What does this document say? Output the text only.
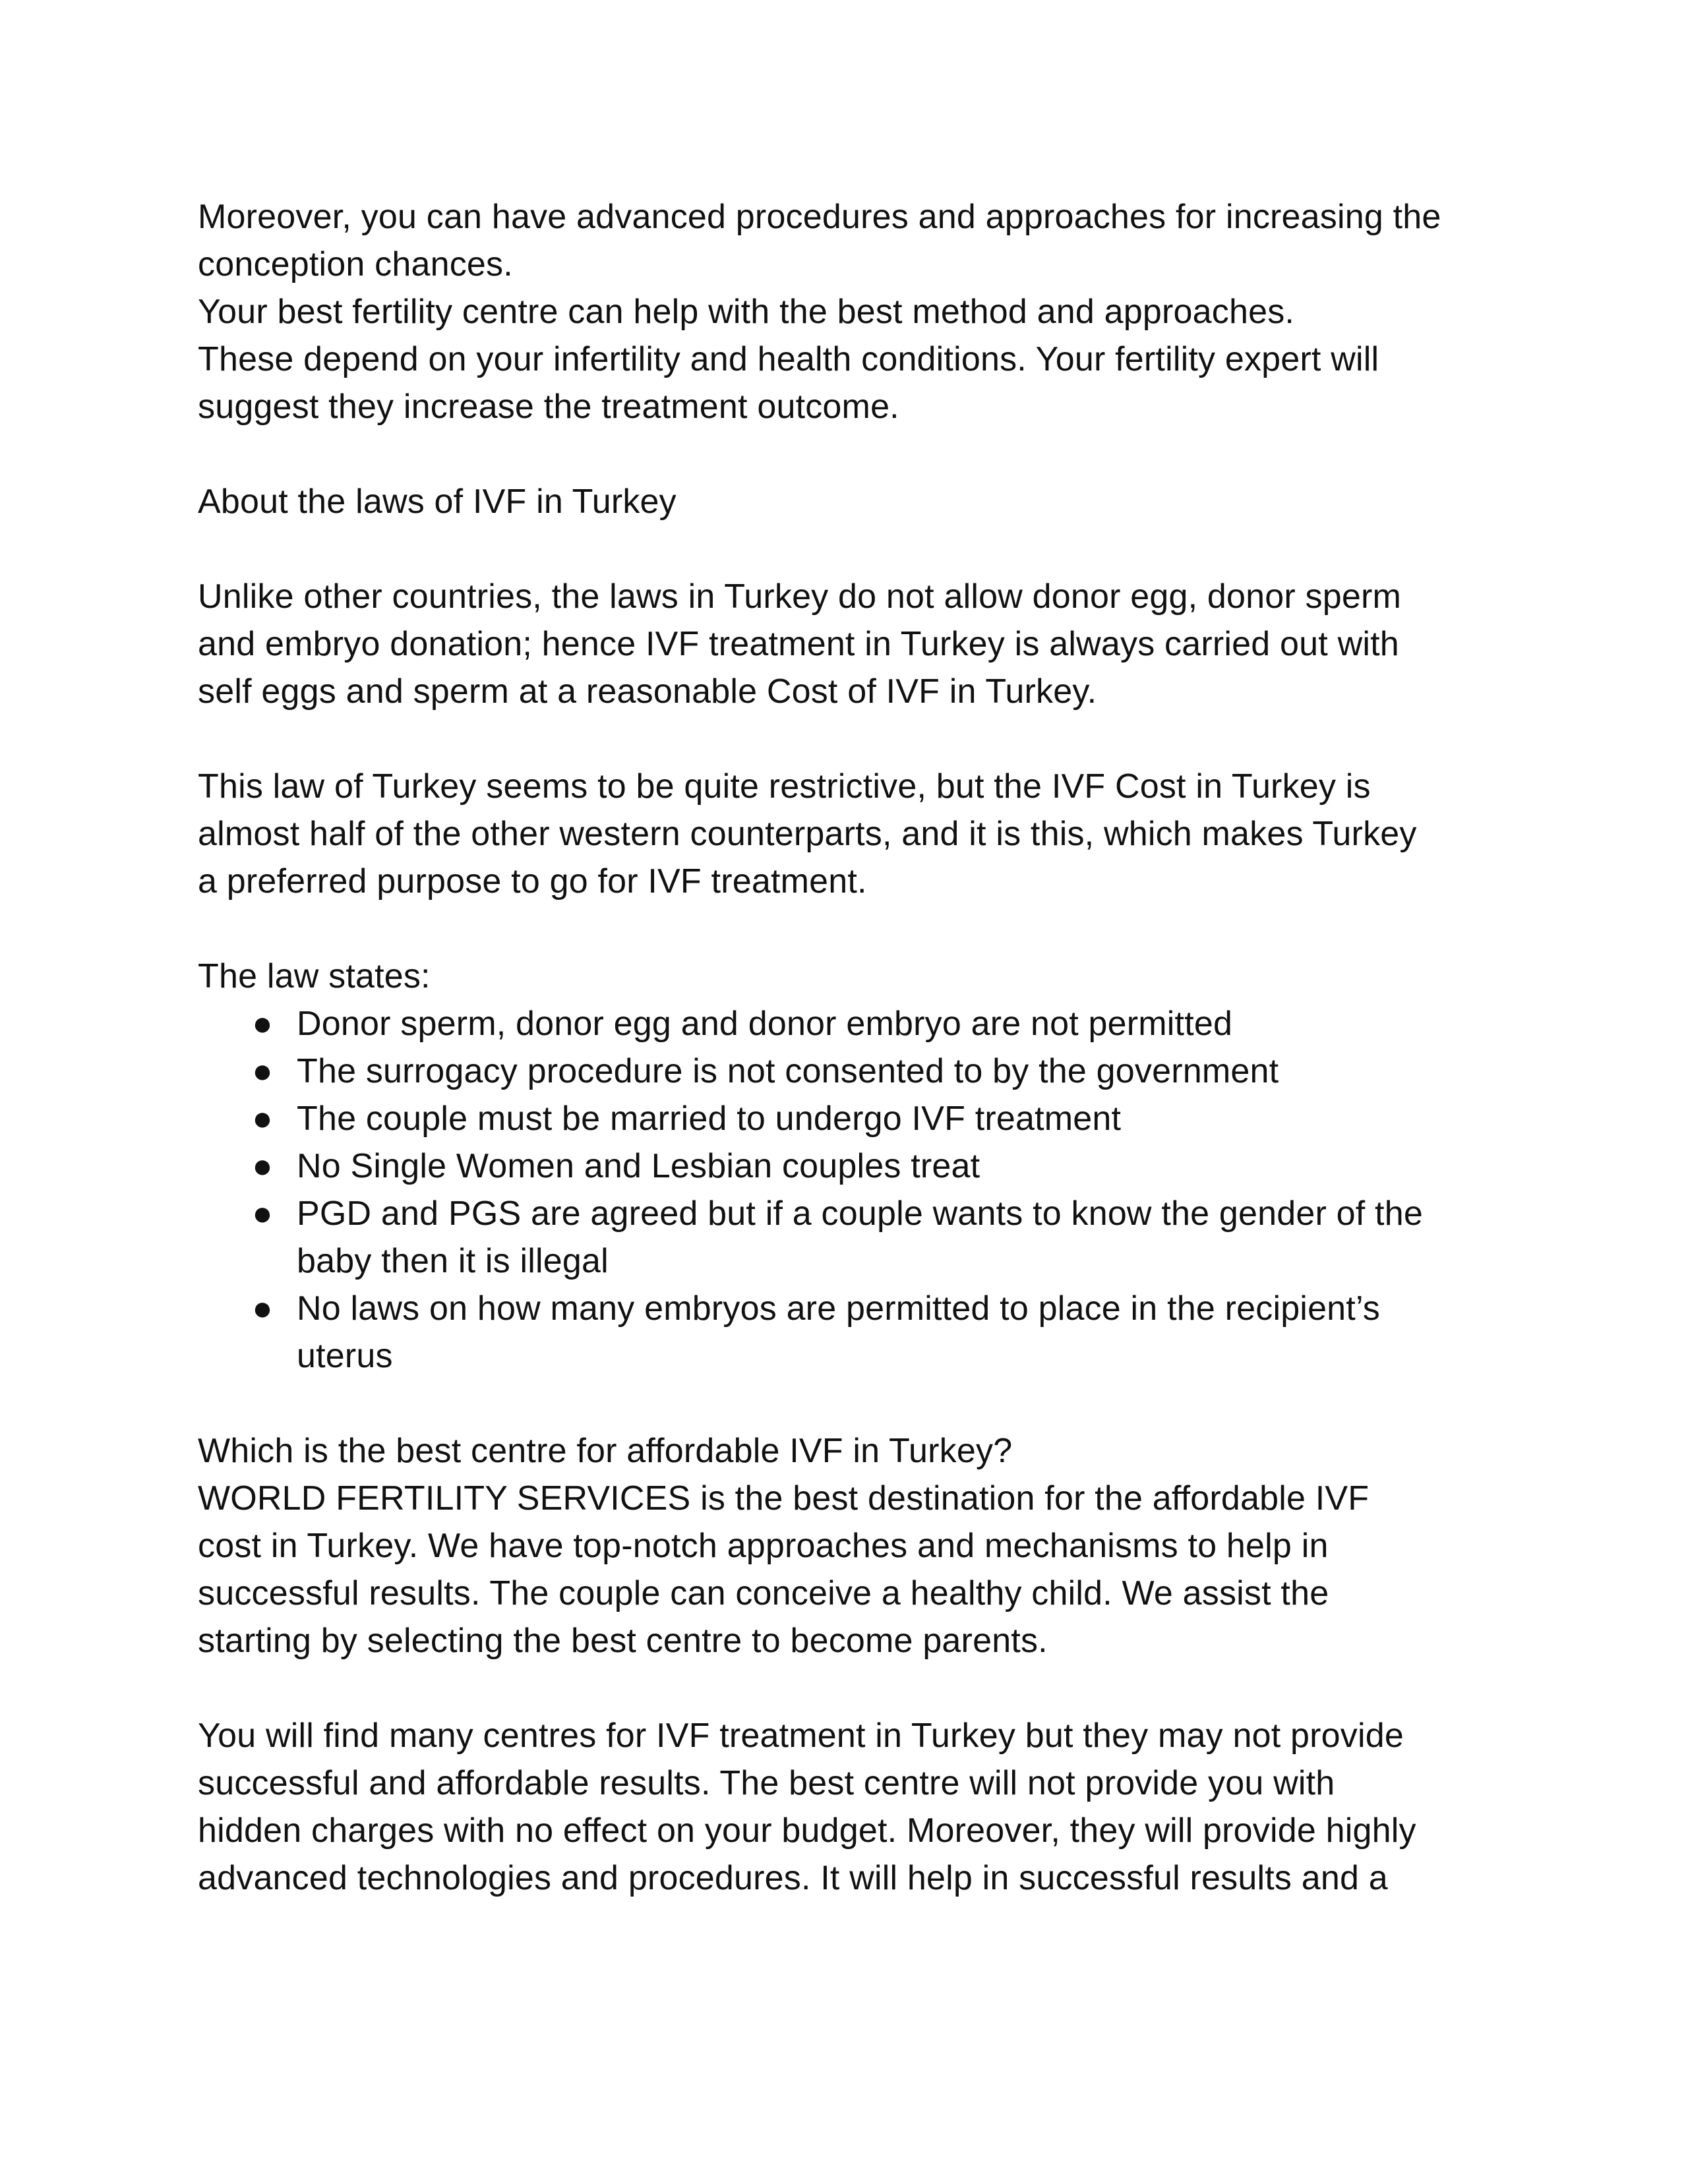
Moreover, you can have advanced procedures and approaches for increasing the
conception chances.
Your best fertility centre can help with the best method and approaches.
These depend on your infertility and health conditions. Your fertility expert will
suggest they increase the treatment outcome.

About the laws of IVF in Turkey

Unlike other countries, the laws in Turkey do not allow donor egg, donor sperm
and embryo donation; hence IVF treatment in Turkey is always carried out with
self eggs and sperm at a reasonable Cost of IVF in Turkey.

This law of Turkey seems to be quite restrictive, but the IVF Cost in Turkey is
almost half of the other western counterparts, and it is this, which makes Turkey
a preferred purpose to go for IVF treatment.

The law states:
● Donor sperm, donor egg and donor embryo are not permitted
● The surrogacy procedure is not consented to by the government
● The couple must be married to undergo IVF treatment
● No Single Women and Lesbian couples treat
● PGD and PGS are agreed but if a couple wants to know the gender of the
baby then it is illegal
● No laws on how many embryos are permitted to place in the recipient’s
uterus

Which is the best centre for affordable IVF in Turkey?
WORLD FERTILITY SERVICES is the best destination for the affordable IVF
cost in Turkey. We have top-notch approaches and mechanisms to help in
successful results. The couple can conceive a healthy child. We assist the
starting by selecting the best centre to become parents.

You will find many centres for IVF treatment in Turkey but they may not provide
successful and affordable results. The best centre will not provide you with
hidden charges with no effect on your budget. Moreover, they will provide highly
advanced technologies and procedures. It will help in successful results and a
